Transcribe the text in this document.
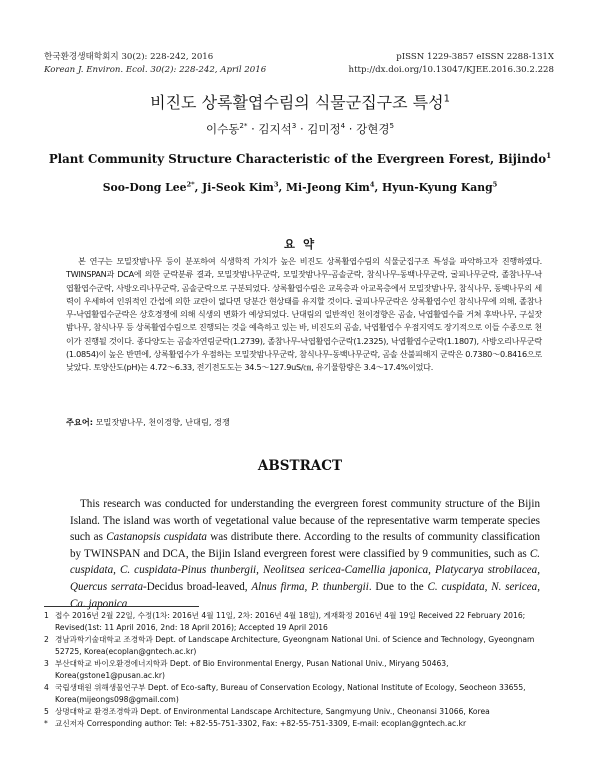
한국환경생태학회지 30(2): 228-242, 2016
Korean J. Environ. Ecol. 30(2): 228-242, April 2016
pISSN 1229-3857 eISSN 2288-131X
http://dx.doi.org/10.13047/KJEE.2016.30.2.228
비진도 상록활엽수림의 식물군집구조 특성$^1$
이수동$^{2*}$ · 김지석$^3$ · 김미정$^4$ · 강현경$^5$
Plant Community Structure Characteristic of the Evergreen Forest, Bijindo$^1$
Soo-Dong Lee$^{2*}$, Ji-Seok Kim$^3$, Mi-Jeong Kim$^4$, Hyun-Kyung Kang$^5$
요 약

본 연구는 모밀잣밤나무 등이 분포하여 식생학적 가치가 높은 비진도 상록활엽수림의 식물군집구조 특성을 파악하고자 진행하였다. TWINSPAN과 DCA에 의한 군락분류 결과, 모밀잣밤나무군락, 모밀잣밤나무-곰솔군락, 참식나무-동백나무군락, 굴피나무군락, 졸참나무-낙엽활엽수군락, 사방오리나무군락, 곰솔군락으로 구분되었다. 상록활엽수림은 교목층과 아교목층에서 모밀잣밤나무, 참식나무, 동백나무의 세력이 우세하여 인위적인 간섭에 의한 교란이 없다면 당분간 현상태를 유지할 것이다. 굴피나무군락은 상록활엽수인 참식나무에 의해, 졸참나무-낙엽활엽수군락은 상호경쟁에 의해 식생의 변화가 예상되었다. 난대림의 일반적인 천이경향은 곰솔, 낙엽활엽수를 거쳐 후박나무, 구실잣밤나무, 참식나무 등 상록활엽수림으로 진행되는 것을 예측하고 있는 바, 비진도의 곰솔, 낙엽활엽수 우점지역도 장기적으로 이들 수종으로 천이가 진행될 것이다. 종다양도는 곰솔자연림군락(1.2739), 졸참나무-낙엽활엽수군락(1.2325), 낙엽활엽수군락(1.1807), 사방오리나무군락(1.0854)이 높은 반면에, 상록활엽수가 우점하는 모밀잣밤나무군락, 참식나무-동백나무군락, 곰솔 산불피해지 군락은 0.7380～0.8416으로 낮았다. 토양산도(pH)는 4.72～6.33, 전기전도도는 34.5～127.9uS/㎝, 유기물함량은 3.4～17.4%이었다.

주요어: 모밀잣밤나무, 천이경향, 난대림, 경쟁
ABSTRACT

This research was conducted for understanding the evergreen forest community structure of the Bijin Island. The island was worth of vegetational value because of the representative warm temperate species such as Castanopsis cuspidata was distribute there. According to the results of community classification by TWINSPAN and DCA, the Bijin Island evergreen forest were classified by 9 communities, such as C. cuspidata, C. cuspidata-Pinus thunbergii, Neolitsea sericea-Camellia japonica, Platycarya strobilacea, Quercus serrata-Decidus broad-leaved, Alnus firma, P. thunbergii. Due to the C. cuspidata, N. sericea, Ca. japonica

1 접수 2016년 2월 22일, 수정(1차: 2016년 4월 11일, 2차: 2016년 4월 18일), 게재확정 2016년 4월 19일 Received 22 February 2016; Revised(1st: 11 April 2016, 2nd: 18 April 2016); Accepted 19 April 2016
2 경남과학기술대학교 조경학과 Dept. of Landscape Architecture, Gyeongnam National Uni. of Science and Technology, Gyeongnam 52725, Korea(ecoplan@gntech.ac.kr)
3 부산대학교 바이오환경에너지학과 Dept. of Bio Environmental Energy, Pusan National Univ., Miryang 50463, Korea(gstone1@pusan.ac.kr)
4 국립생태원 위해생물연구부 Dept. of Eco-safty, Bureau of Conservation Ecology, National Institute of Ecology, Seocheon 33655, Korea(mijeongs098@gmail.com)
5 상명대학교 환경조경학과 Dept. of Environmental Landscape Architecture, Sangmyung Univ., Cheonansi 31066, Korea
* 교신저자 Corresponding author: Tel: +82-55-751-3302, Fax: +82-55-751-3309, E-mail: ecoplan@gntech.ac.kr
